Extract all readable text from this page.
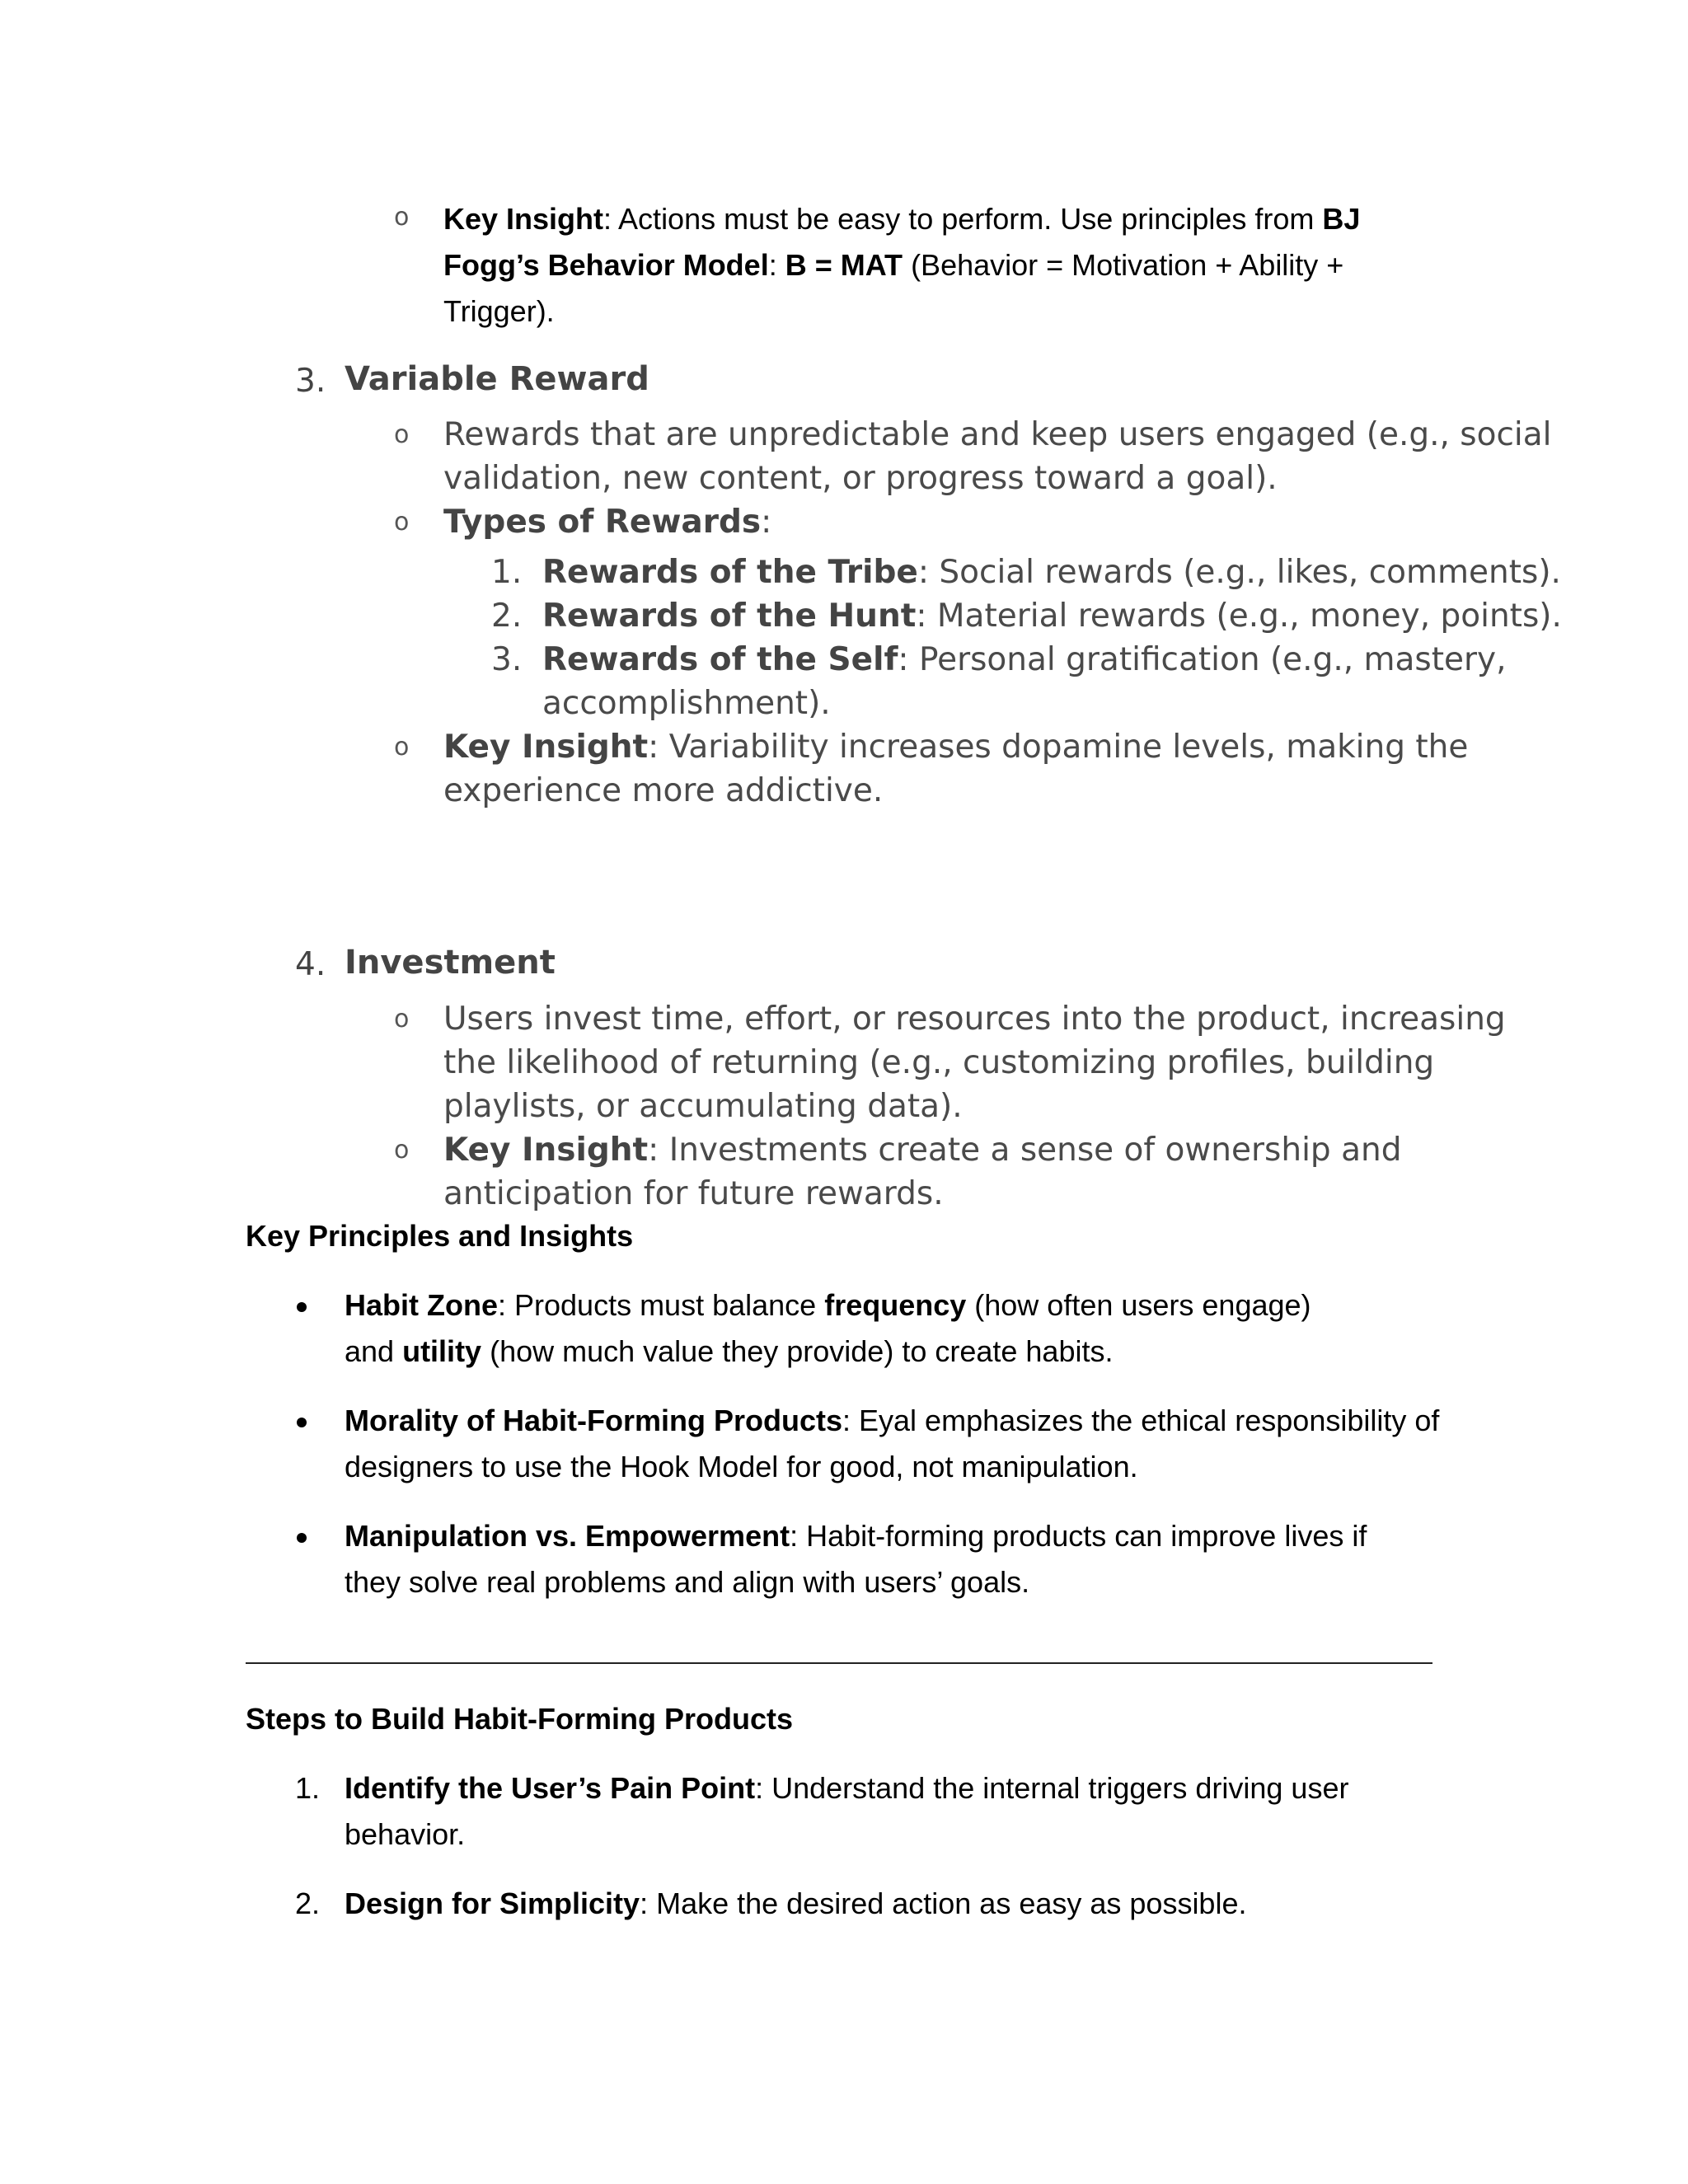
o Key Insight: Actions must be easy to perform. Use principles from BJ
Fogg’s Behavior Model: B = MAT (Behavior = Motivation + Ability +
Trigger).
3. Variable Reward
o Rewards that are unpredictable and keep users engaged (e.g., social
validation, new content, or progress toward a goal).
o Types of Rewards:
1. Rewards of the Tribe: Social rewards (e.g., likes, comments).
2. Rewards of the Hunt: Material rewards (e.g., money, points).
3. Rewards of the Self: Personal gratification (e.g., mastery,
accomplishment).
o Key Insight: Variability increases dopamine levels, making the
experience more addictive.
4. Investment
o Users invest time, effort, or resources into the product, increasing
the likelihood of returning (e.g., customizing profiles, building
playlists, or accumulating data).
o Key Insight: Investments create a sense of ownership and
anticipation for future rewards.
Key Principles and Insights
Habit Zone: Products must balance frequency (how often users engage)
and utility (how much value they provide) to create habits.
Morality of Habit-Forming Products: Eyal emphasizes the ethical responsibility of
designers to use the Hook Model for good, not manipulation.
Manipulation vs. Empowerment: Habit-forming products can improve lives if
they solve real problems and align with users’ goals.
Steps to Build Habit-Forming Products
1. Identify the User’s Pain Point: Understand the internal triggers driving user
behavior.
2. Design for Simplicity: Make the desired action as easy as possible.
